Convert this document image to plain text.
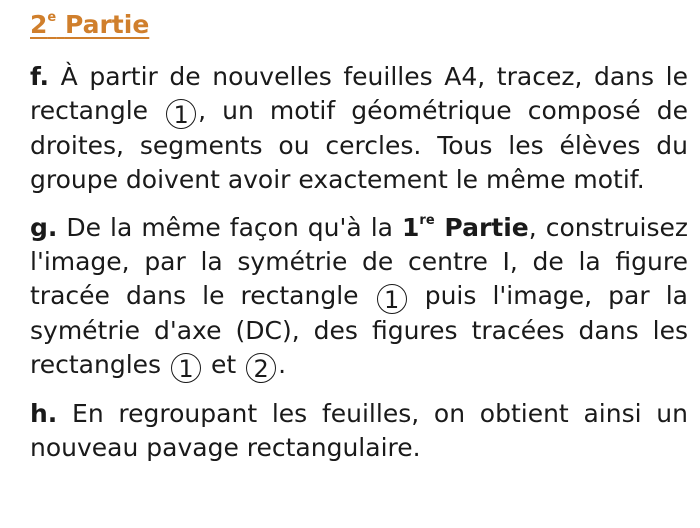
2e Partie

f. À partir de nouvelles feuilles A4, tracez, dans le rectangle 1 , un motif géométrique composé de droites, segments ou cercles. Tous les élèves du groupe doivent avoir exactement le même motif.

g. De la même façon qu'à la 1re Partie, construisez l'image, par la symétrie de centre I, de la figure tracée dans le rectangle 1 puis l'image, par la symétrie d'axe (DC), des figures tracées dans les rectangles 1 et 2 .

h. En regroupant les feuilles, on obtient ainsi un nouveau pavage rectangulaire.
